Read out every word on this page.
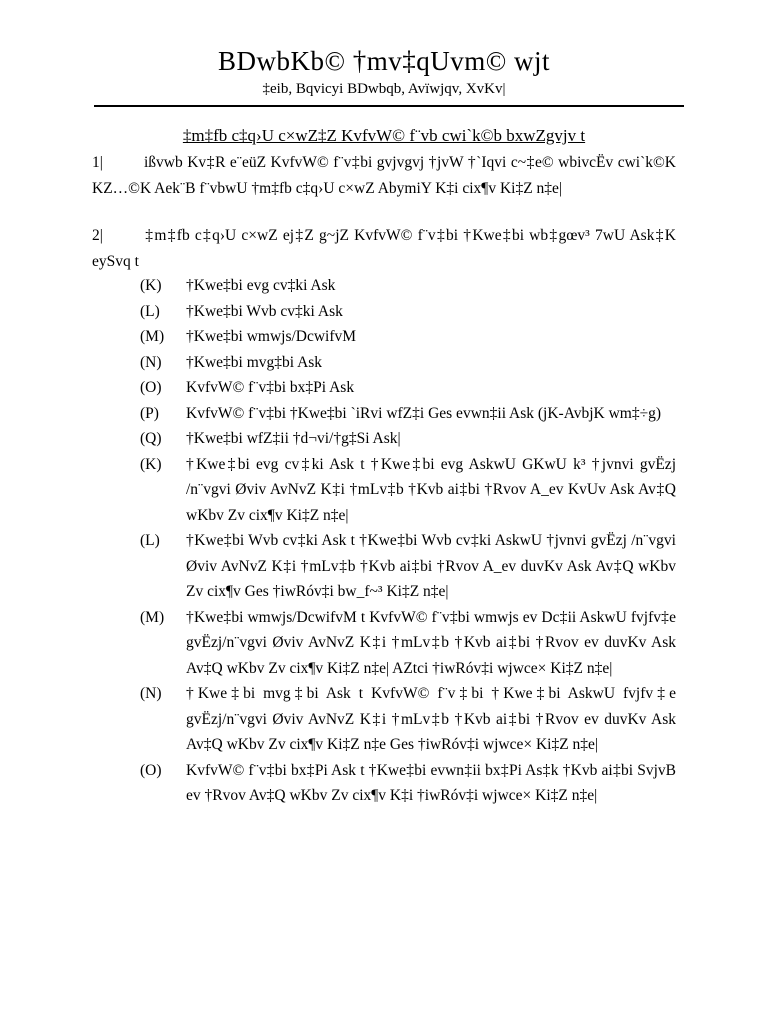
BDwbKb© †mv‡qUvm© wjt
‡eib, Bqvicyi BDwbqb, Avïwjqv, XvKv|
‡m‡fb c‡q›U c×wZ‡Z KvfvW© f¨vb cwi`k©b bxwZgvjv t
1|	ißvwb Kv‡R e¨eüZ KvfvW© f¨v‡bi gvjvgvj †jvW †`Iqvi c~‡e© wbivcËv cwi`k©K KZ…©K Aek¨B f¨vbwU †m‡fb c‡q›U c×wZ AbymiY K‡i cix¶v Ki‡Z n‡e|
2|	‡m‡fb c‡q›U c×wZ ej‡Z g~jZ KvfvW© f¨v‡bi †Kwe‡bi wb‡gœv³ 7wU Ask‡K eySvq t
(K)	†Kwe‡bi evg cv‡ki Ask
(L)	†Kwe‡bi Wvb cv‡ki Ask
(M)	†Kwe‡bi wmwjs/DcwifvM
(N)	†Kwe‡bi mvg‡bi Ask
(O)	KvfvW© f¨v‡bi bx‡Pi Ask
(P)	KvfvW© f¨v‡bi †Kwe‡bi `iRvi wfZ‡i Ges evwn‡ii Ask (jK-AvbjK wm‡÷g)
(Q)	†Kwe‡bi wfZ‡ii †d¬vi/†g‡Si Ask|
(K)	†Kwe‡bi evg cv‡ki Ask t †Kwe‡bi evg AskwU GKwU k³ †jvnvi gvËzj /n¨vgvi Øviv AvNvZ K‡i †mLv‡b †Kvb ai‡bi †Rvov A_ev KvUv Ask Av‡Q wKbv Zv cix¶v Ki‡Z n‡e|
(L)	†Kwe‡bi Wvb cv‡ki Ask t †Kwe‡bi Wvb cv‡ki AskwU †jvnvi gvËzj /n¨vgvi Øviv AvNvZ K‡i †mLv‡b †Kvb ai‡bi †Rvov A_ev duvKv Ask Av‡Q wKbv Zv cix¶v Ges †iwRóv‡i bw_f~³ Ki‡Z n‡e|
(M)	†Kwe‡bi wmwjs/DcwifvM t KvfvW© f¨v‡bi wmwjs ev Dc‡ii AskwU fvjfv‡e gvËzj/n¨vgvi Øviv AvNvZ K‡i †mLv‡b †Kvb ai‡bi †Rvov ev duvKv Ask Av‡Q wKbv Zv cix¶v Ki‡Z n‡e| AZtci †iwRóv‡i wjwce× Ki‡Z n‡e|
(N)	†Kwe‡bi mvg‡bi Ask t KvfvW© f¨v‡bi †Kwe‡bi AskwU fvjfv‡e gvËzj/n¨vgvi Øviv AvNvZ K‡i †mLv‡b †Kvb ai‡bi †Rvov ev duvKv Ask Av‡Q wKbv Zv cix¶v Ki‡Z n‡e Ges †iwRóv‡i wjwce× Ki‡Z n‡e|
(O)	KvfvW© f¨v‡bi bx‡Pi Ask t †Kwe‡bi evwn‡ii bx‡Pi As‡k †Kvb ai‡bi SvjvB ev †Rvov Av‡Q wKbv Zv cix¶v K‡i †iwRóv‡i wjwce× Ki‡Z n‡e|
